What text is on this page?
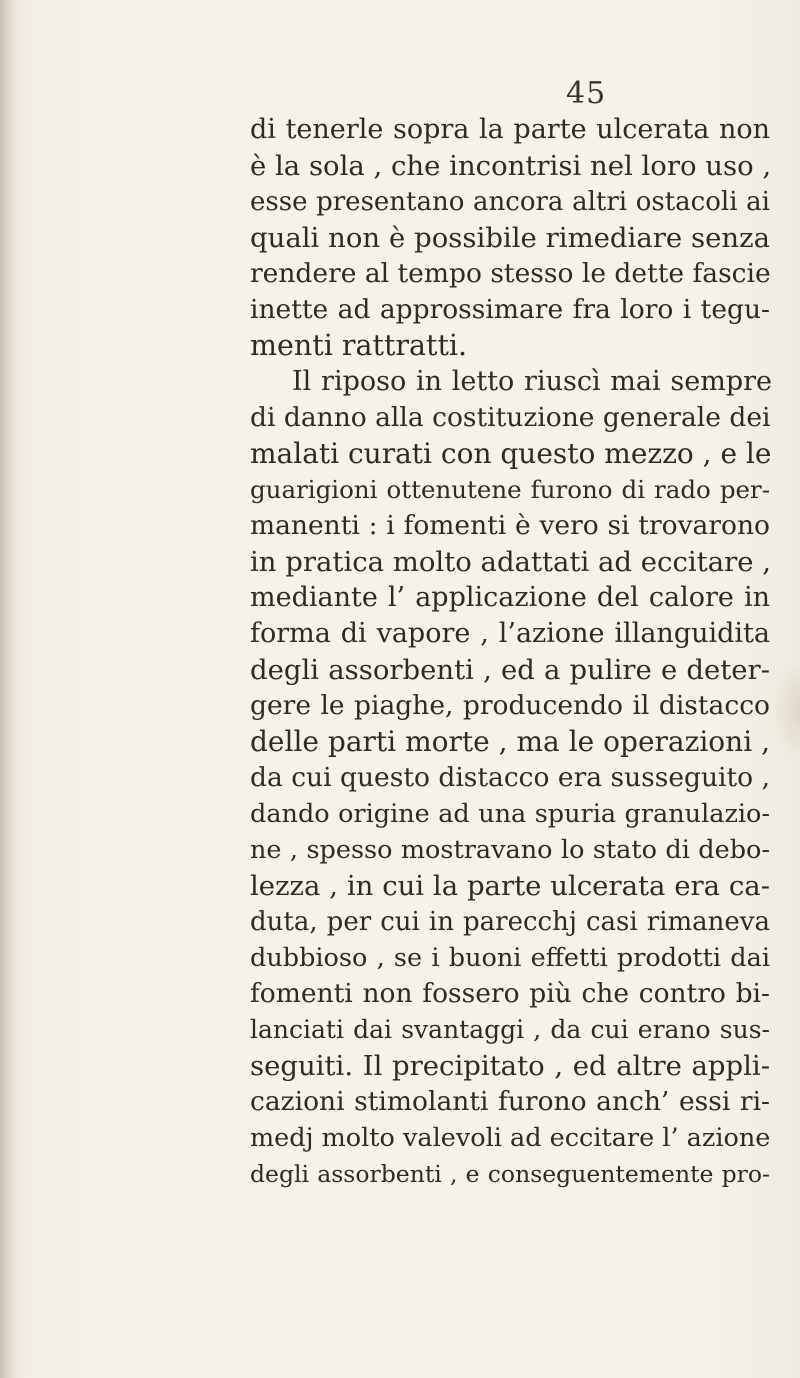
45
di tenerle sopra la parte ulcerata non
è la sola , che incontrisi nel loro uso ,
esse presentano ancora altri ostacoli ai
quali non è possibile rimediare senza
rendere al tempo stesso le dette fascie
inette ad approssimare fra loro i tegu-
menti rattratti.
Il riposo in letto riuscì mai sempre
di danno alla costituzione generale dei
malati curati con questo mezzo , e le
guarigioni ottenutene furono di rado per-
manenti : i fomenti è vero si trovarono
in pratica molto adattati ad eccitare ,
mediante l’ applicazione del calore in
forma di vapore , l’azione illanguidita
degli assorbenti , ed a pulire e deter-
gere le piaghe, producendo il distacco
delle parti morte , ma le operazioni ,
da cui questo distacco era susseguito ,
dando origine ad una spuria granulazio-
ne , spesso mostravano lo stato di debo-
lezza , in cui la parte ulcerata era ca-
duta, per cui in parecchj casi rimaneva
dubbioso , se i buoni effetti prodotti dai
fomenti non fossero più che contro bi-
lanciati dai svantaggi , da cui erano sus-
seguiti. Il precipitato , ed altre appli-
cazioni stimolanti furono anch’ essi ri-
medj molto valevoli ad eccitare l’ azione
degli assorbenti , e conseguentemente pro-
